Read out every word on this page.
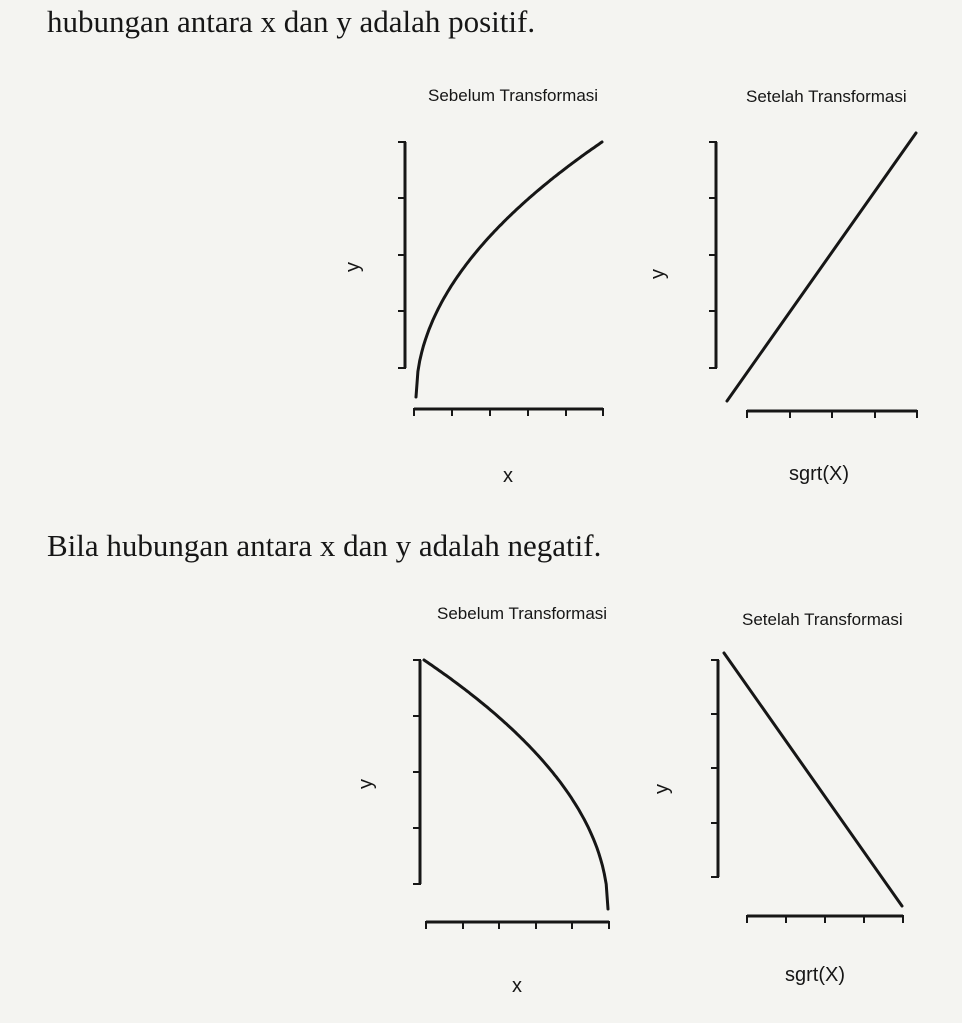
hubungan antara x dan y adalah positif.

Bila hubungan antara x dan y adalah negatif.

Sebelum Transformasi	Setelah Transformasi
Sebelum Transformasi	Setelah Transformasi
x	sgrt(X)
x	sgrt(X)
y
y
y	y
